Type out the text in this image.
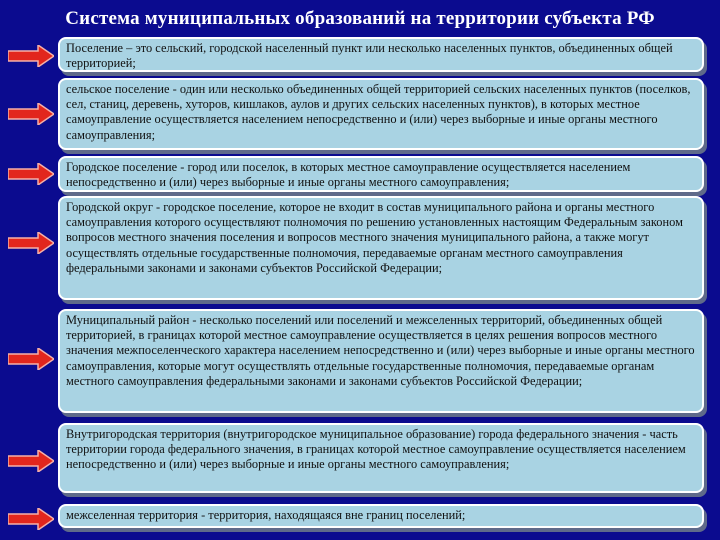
Система муниципальных образований на территории субъекта РФ
Поселение – это сельский, городской населенный пункт или несколько населенных пунктов, объединенных общей территорией;
сельское поселение - один или несколько объединенных общей территорией сельских населенных пунктов (поселков, сел, станиц, деревень, хуторов, кишлаков, аулов и других сельских населенных пунктов), в которых местное самоуправление осуществляется населением непосредственно и (или) через выборные и иные органы местного самоуправления;
Городское поселение - город или поселок, в которых местное самоуправление осуществляется населением непосредственно и (или) через выборные и иные органы местного самоуправления;
Городской округ - городское поселение, которое не входит в состав муниципального района и органы местного самоуправления которого осуществляют полномочия по решению установленных настоящим Федеральным законом вопросов местного значения поселения и вопросов местного значения муниципального района, а также могут осуществлять отдельные государственные полномочия, передаваемые органам местного самоуправления федеральными законами и законами субъектов Российской Федерации;
Муниципальный район - несколько поселений или поселений и межселенных территорий, объединенных общей территорией, в границах которой местное самоуправление осуществляется в целях решения вопросов местного значения межпоселенческого характера населением непосредственно и (или) через выборные и иные органы местного самоуправления, которые могут осуществлять отдельные государственные полномочия, передаваемые органам местного самоуправления федеральными законами и законами субъектов Российской Федерации;
Внутригородская территория (внутригородское муниципальное образование) города федерального значения - часть территории города федерального значения, в границах которой местное самоуправление осуществляется населением непосредственно и (или) через выборные и иные органы местного самоуправления;
межселенная территория - территория, находящаяся вне границ поселений;
